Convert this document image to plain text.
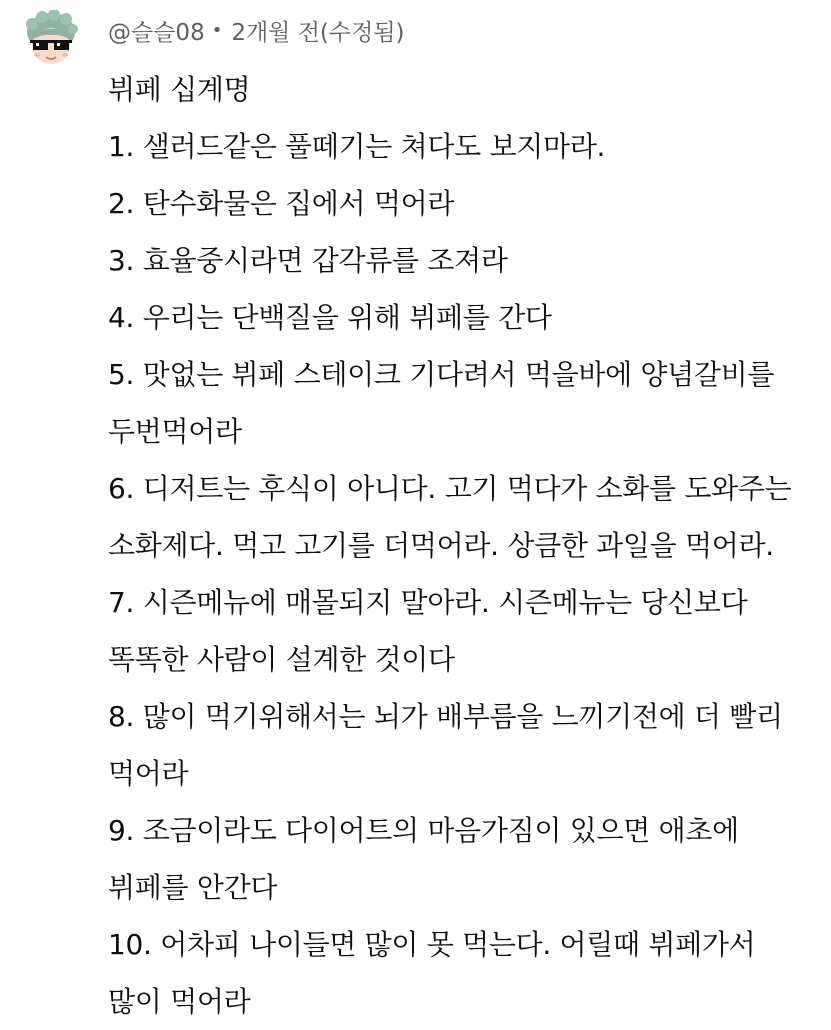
@슬슬08 • 2개월 전(수정됨)
뷔페 십계명
1. 샐러드같은 풀떼기는 쳐다도 보지마라.
2. 탄수화물은 집에서 먹어라
3. 효율중시라면 갑각류를 조져라
4. 우리는 단백질을 위해 뷔페를 간다
5. 맛없는 뷔페 스테이크 기다려서 먹을바에 양념갈비를
두번먹어라
6. 디저트는 후식이 아니다. 고기 먹다가 소화를 도와주는
소화제다. 먹고 고기를 더먹어라. 상큼한 과일을 먹어라.
7. 시즌메뉴에 매몰되지 말아라. 시즌메뉴는 당신보다
똑똑한 사람이 설계한 것이다
8. 많이 먹기위해서는 뇌가 배부름을 느끼기전에 더 빨리
먹어라
9. 조금이라도 다이어트의 마음가짐이 있으면 애초에
뷔페를 안간다
10. 어차피 나이들면 많이 못 먹는다. 어릴때 뷔페가서
많이 먹어라
